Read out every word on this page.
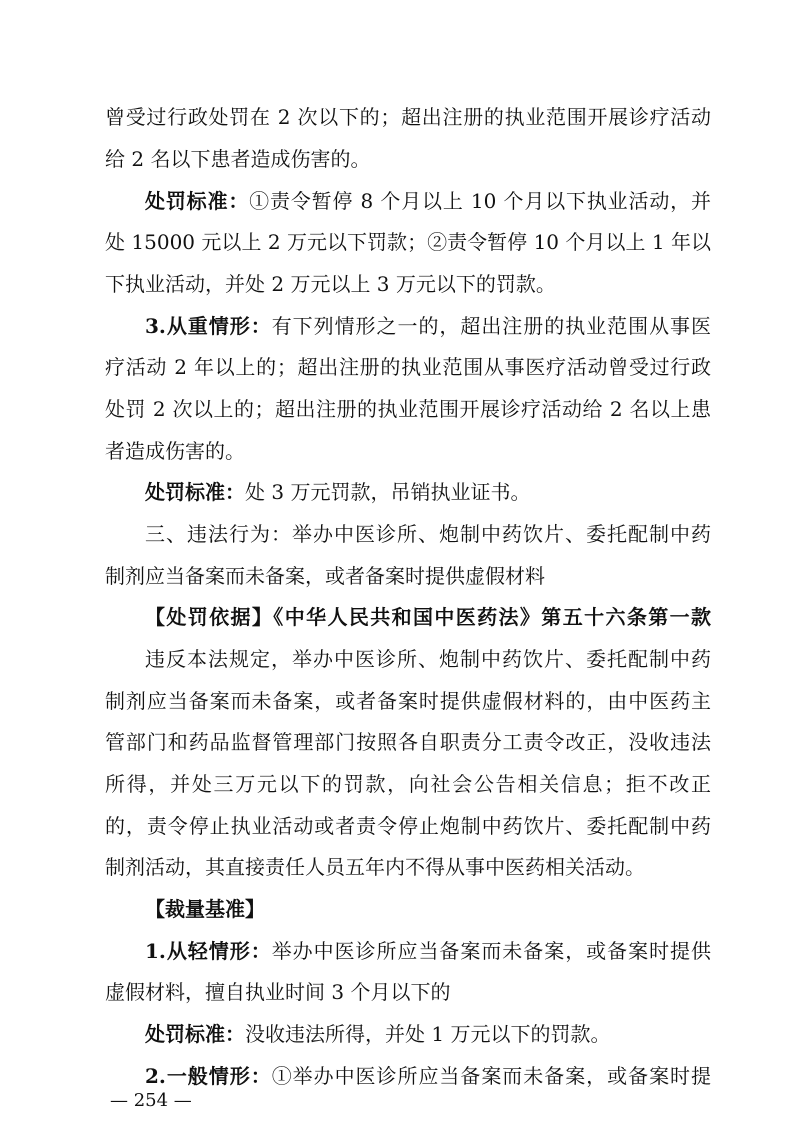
曾受过行政处罚在 2 次以下的；超出注册的执业范围开展诊疗活动
给 2 名以下患者造成伤害的。
处罚标准：①责令暂停 8 个月以上 10 个月以下执业活动，并
处 15000 元以上 2 万元以下罚款；②责令暂停 10 个月以上 1 年以
下执业活动，并处 2 万元以上 3 万元以下的罚款。
3.从重情形：有下列情形之一的，超出注册的执业范围从事医
疗活动 2 年以上的；超出注册的执业范围从事医疗活动曾受过行政
处罚 2 次以上的；超出注册的执业范围开展诊疗活动给 2 名以上患
者造成伤害的。
处罚标准：处 3 万元罚款，吊销执业证书。
三、违法行为：举办中医诊所、炮制中药饮片、委托配制中药
制剂应当备案而未备案，或者备案时提供虚假材料
【处罚依据】《中华人民共和国中医药法》第五十六条第一款
违反本法规定，举办中医诊所、炮制中药饮片、委托配制中药
制剂应当备案而未备案，或者备案时提供虚假材料的，由中医药主
管部门和药品监督管理部门按照各自职责分工责令改正，没收违法
所得，并处三万元以下的罚款，向社会公告相关信息；拒不改正
的，责令停止执业活动或者责令停止炮制中药饮片、委托配制中药
制剂活动，其直接责任人员五年内不得从事中医药相关活动。
【裁量基准】
1.从轻情形：举办中医诊所应当备案而未备案，或备案时提供
虚假材料，擅自执业时间 3 个月以下的
处罚标准：没收违法所得，并处 1 万元以下的罚款。
2.一般情形：①举办中医诊所应当备案而未备案，或备案时提
— 254 —
